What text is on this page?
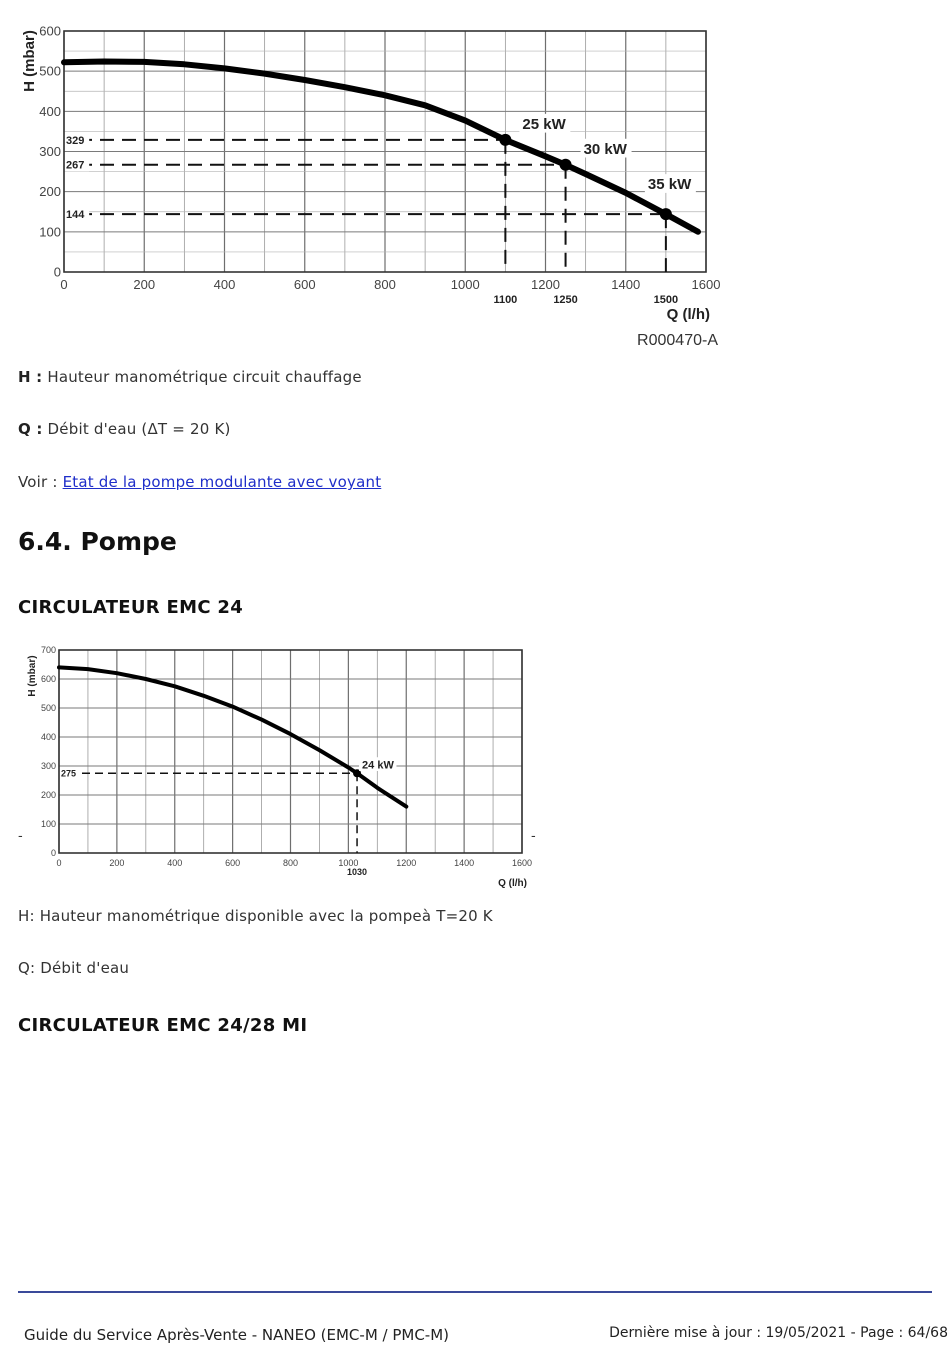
0	200	400	600	800	1000	1200	1400	1600
0
100
200
300
400
500
600
H (mbar)
Q (l/h)
329
1100
267
1250
144
1500
25 kW
30 kW
35 kW
R000470-A

H : Hauteur manométrique circuit chauffage

Q : Débit d'eau (ΔT = 20 K)

Voir : Etat de la pompe modulante avec voyant

6.4. Pompe
CIRCULATEUR EMC 24
-
0	200	400	600	800	1000	1200	1400	1600
0
100
200
300
400
500
600
700
H (mbar)
Q (l/h)
275
1030
24 kW
-

H: Hauteur manométrique disponible avec la pompeà T=20 K

Q: Débit d'eau

CIRCULATEUR EMC 24/28 MI
Guide du Service Après-Vente - NANEO (EMC-M / PMC-M)	Dernière mise à jour : 19/05/2021 - Page : 64/68
